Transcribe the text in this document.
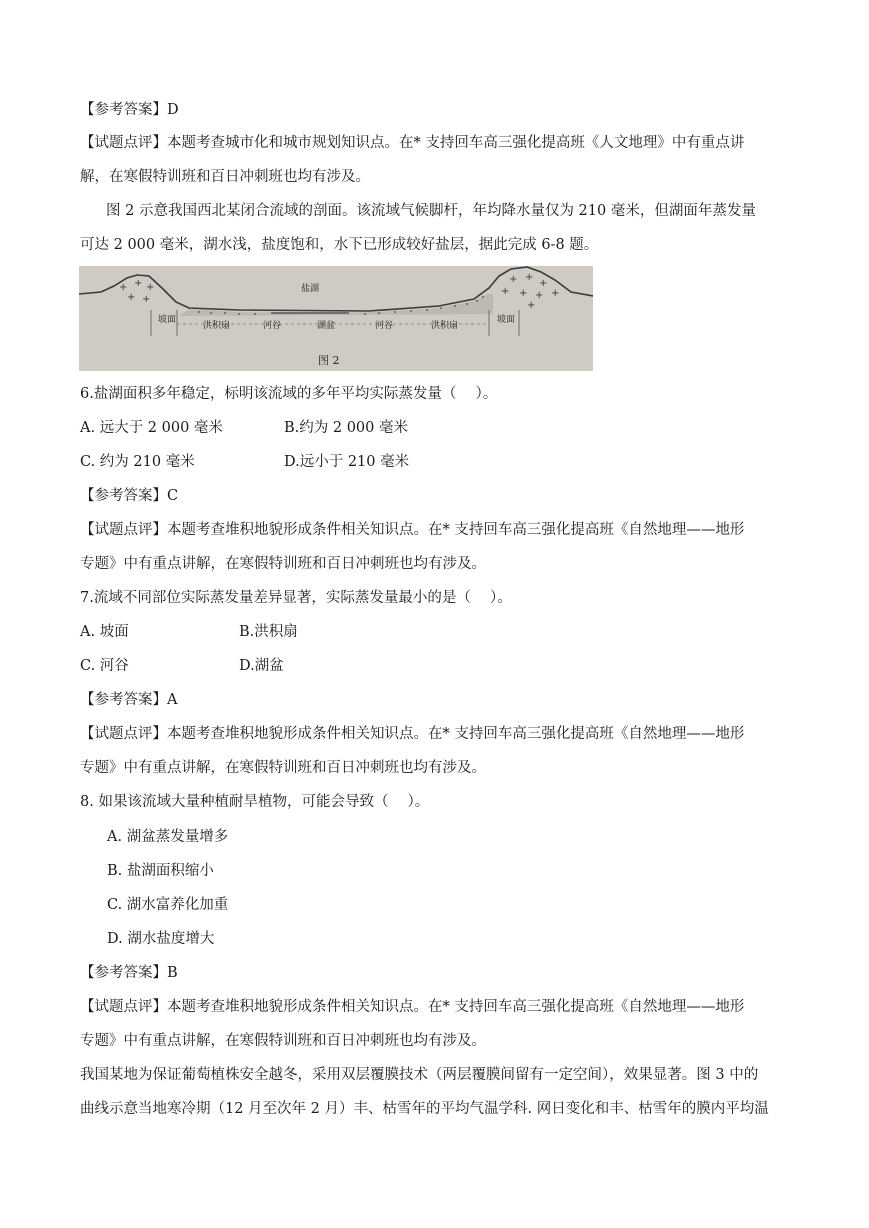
【参考答案】D
【试题点评】本题考查城市化和城市规划知识点。在* 支持回车高三强化提高班《人文地理》中有重点讲
解，在寒假特训班和百日冲刺班也均有涉及。
图 2 示意我国西北某闭合流域的剖面。该流域气候脚杆，年均降水量仅为 210 毫米，但湖面年蒸发量
可达 2 000 毫米，湖水浅，盐度饱和，水下已形成较好盐层，据此完成 6-8 题。
+ + +
+ +
+ +
+
+ + + +
+
盐湖
坡面
洪积扇	河谷	湖盆	河谷	洪积扇
坡面
图 2
6.盐湖面积多年稳定，标明该流域的多年平均实际蒸发量（　 ）。
A. 远大于 2 000 毫米	B.约为 2 000 毫米
C. 约为 210 毫米	D.远小于 210 毫米
【参考答案】C
【试题点评】本题考查堆积地貌形成条件相关知识点。在* 支持回车高三强化提高班《自然地理——地形
专题》中有重点讲解，在寒假特训班和百日冲刺班也均有涉及。
7.流域不同部位实际蒸发量差异显著，实际蒸发量最小的是（　 ）。
A. 坡面	B.洪积扇
C. 河谷	D.湖盆
【参考答案】A
【试题点评】本题考查堆积地貌形成条件相关知识点。在* 支持回车高三强化提高班《自然地理——地形
专题》中有重点讲解，在寒假特训班和百日冲刺班也均有涉及。
8. 如果该流域大量种植耐旱植物，可能会导致（　 ）。
A. 湖盆蒸发量增多
B. 盐湖面积缩小
C. 湖水富养化加重
D. 湖水盐度增大
【参考答案】B
【试题点评】本题考查堆积地貌形成条件相关知识点。在* 支持回车高三强化提高班《自然地理——地形
专题》中有重点讲解，在寒假特训班和百日冲刺班也均有涉及。
我国某地为保证葡萄植株安全越冬，采用双层覆膜技术（两层覆膜间留有一定空间），效果显著。图 3 中的
曲线示意当地寒冷期（12 月至次年 2 月）丰、枯雪年的平均气温学科. 网日变化和丰、枯雪年的膜内平均温
